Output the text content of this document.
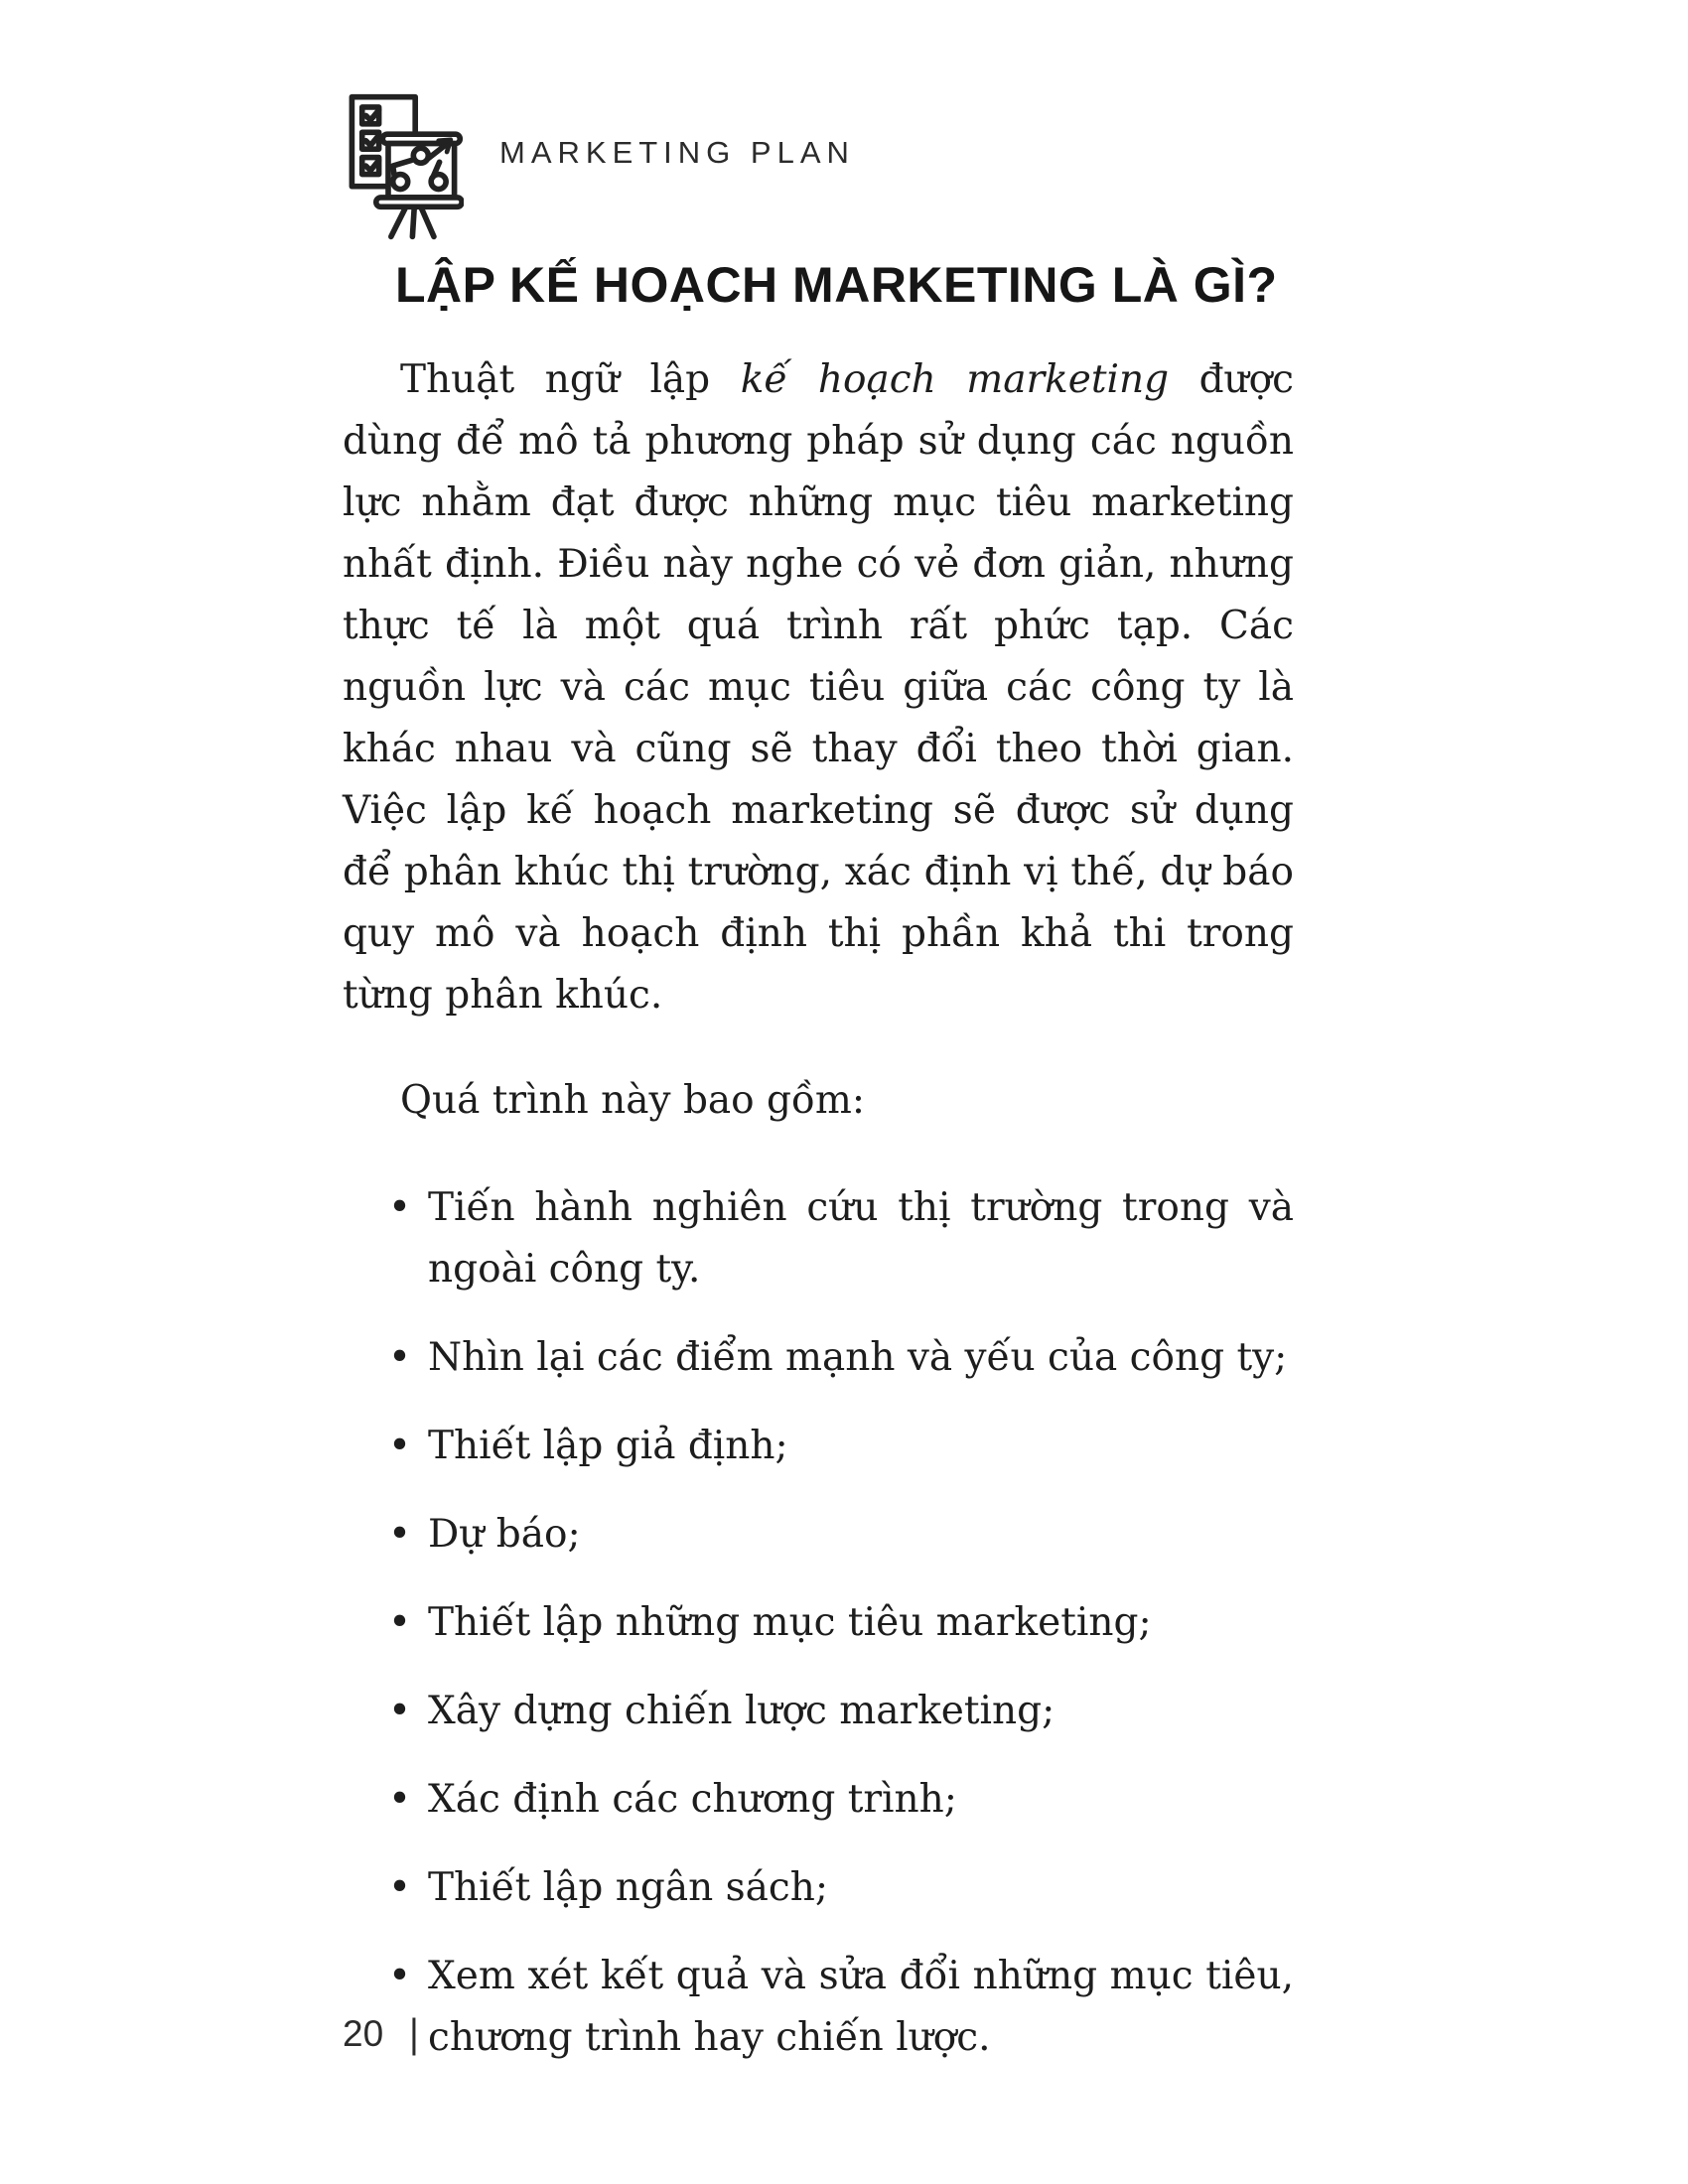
MARKETING PLAN
LẬP KẾ HOẠCH MARKETING LÀ GÌ?

Thuật ngữ lập kế hoạch marketing được dùng để mô tả phương pháp sử dụng các nguồn lực nhằm đạt được những mục tiêu marketing nhất định. Điều này nghe có vẻ đơn giản, nhưng thực tế là một quá trình rất phức tạp. Các nguồn lực và các mục tiêu giữa các công ty là khác nhau và cũng sẽ thay đổi theo thời gian. Việc lập kế hoạch marketing sẽ được sử dụng để phân khúc thị trường, xác định vị thế, dự báo quy mô và hoạch định thị phần khả thi trong từng phân khúc.

Quá trình này bao gồm:

• Tiến hành nghiên cứu thị trường trong và ngoài công ty.
• Nhìn lại các điểm mạnh và yếu của công ty;
• Thiết lập giả định;
• Dự báo;
• Thiết lập những mục tiêu marketing;
• Xây dựng chiến lược marketing;
• Xác định các chương trình;
• Thiết lập ngân sách;
• Xem xét kết quả và sửa đổi những mục tiêu, chương trình hay chiến lược.
20 |
